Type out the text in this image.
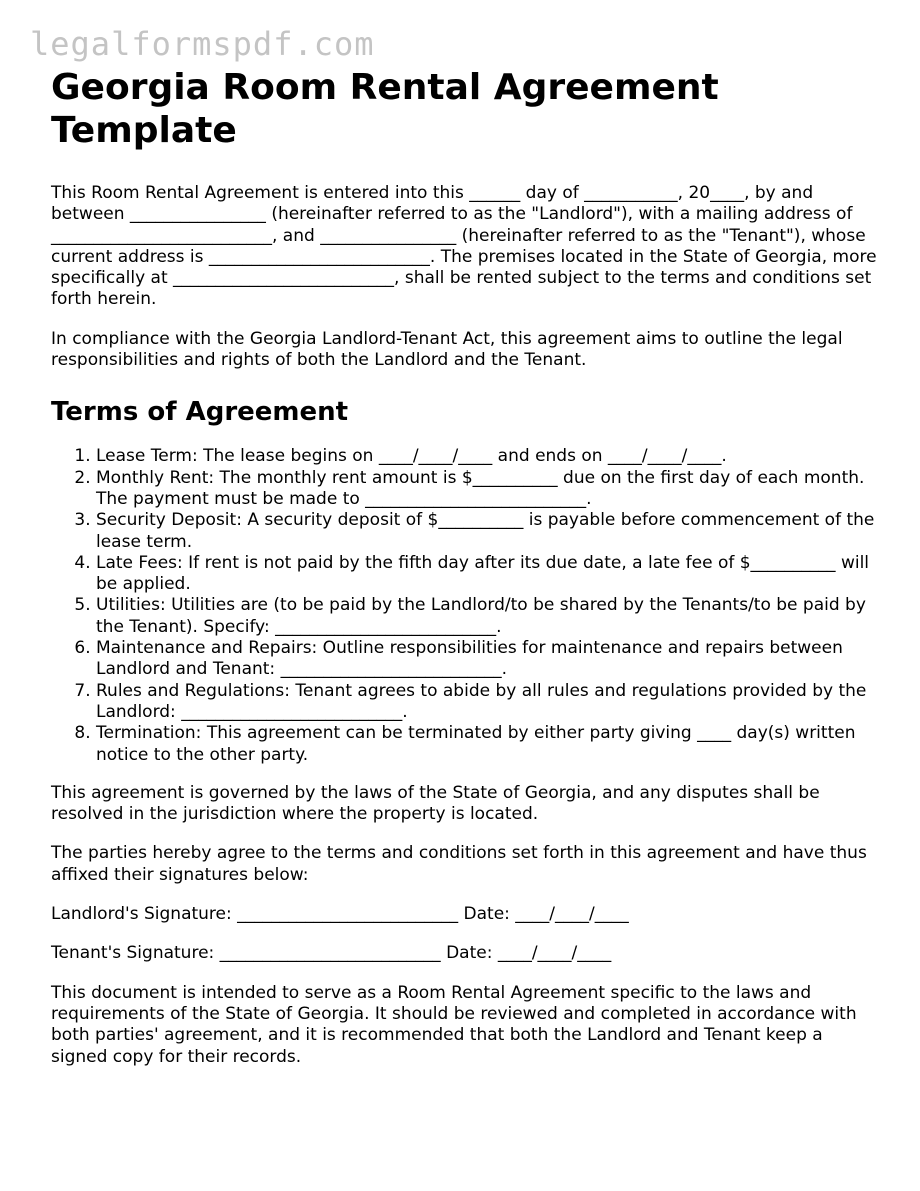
legalformspdf.com
Georgia Room Rental Agreement Template

This Room Rental Agreement is entered into this ______ day of ___________, 20____, by and between ________________ (hereinafter referred to as the "Landlord"), with a mailing address of __________________________, and ________________ (hereinafter referred to as the "Tenant"), whose current address is __________________________. The premises located in the State of Georgia, more specifically at __________________________, shall be rented subject to the terms and conditions set forth herein.

In compliance with the Georgia Landlord-Tenant Act, this agreement aims to outline the legal responsibilities and rights of both the Landlord and the Tenant.

Terms of Agreement
1. Lease Term: The lease begins on ____/____/____ and ends on ____/____/____.
2. Monthly Rent: The monthly rent amount is $__________ due on the first day of each month. The payment must be made to __________________________.
3. Security Deposit: A security deposit of $__________ is payable before commencement of the lease term.
4. Late Fees: If rent is not paid by the fifth day after its due date, a late fee of $__________ will be applied.
5. Utilities: Utilities are (to be paid by the Landlord/to be shared by the Tenants/to be paid by the Tenant). Specify: __________________________.
6. Maintenance and Repairs: Outline responsibilities for maintenance and repairs between Landlord and Tenant: __________________________.
7. Rules and Regulations: Tenant agrees to abide by all rules and regulations provided by the Landlord: __________________________.
8. Termination: This agreement can be terminated by either party giving ____ day(s) written notice to the other party.

This agreement is governed by the laws of the State of Georgia, and any disputes shall be resolved in the jurisdiction where the property is located.

The parties hereby agree to the terms and conditions set forth in this agreement and have thus affixed their signatures below:

Landlord's Signature: __________________________ Date: ____/____/____

Tenant's Signature: __________________________ Date: ____/____/____

This document is intended to serve as a Room Rental Agreement specific to the laws and requirements of the State of Georgia. It should be reviewed and completed in accordance with both parties' agreement, and it is recommended that both the Landlord and Tenant keep a signed copy for their records.
